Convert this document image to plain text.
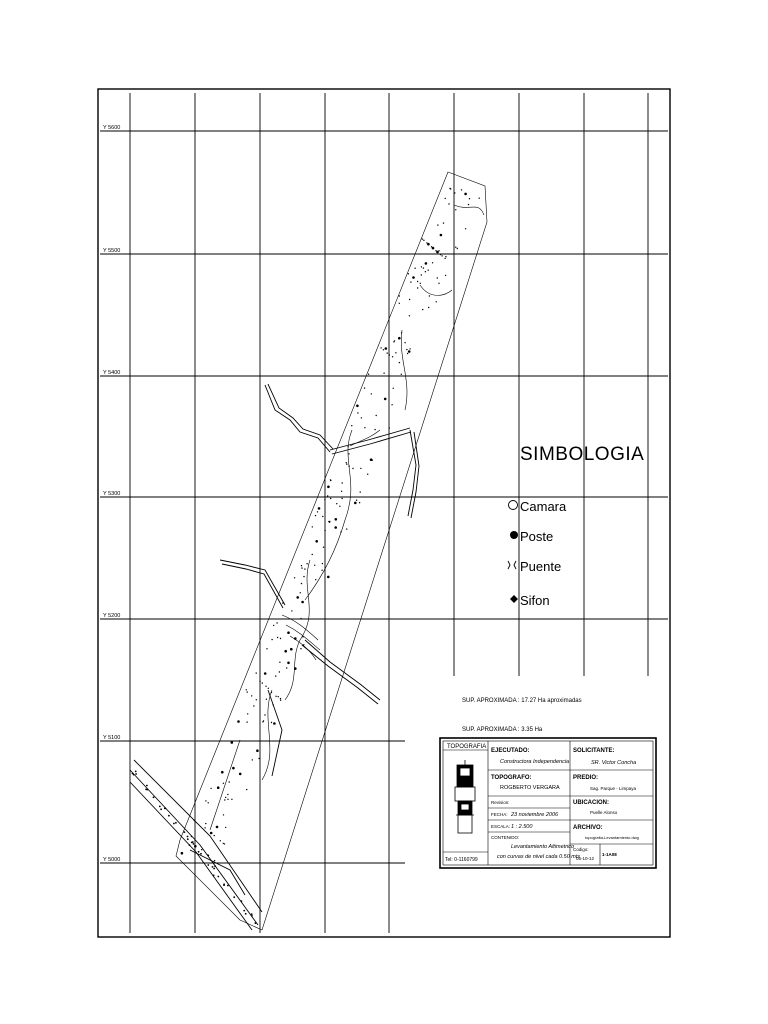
Y 5600
Y 5500
Y 5400
Y 5300
Y 5200
Y 5100
Y 5000
SIMBOLOGIA
Camara
Poste
Puente
Sifon
SUP. APROXIMADA : 17.27 Ha aproximadas
SUP. APROXIMADA : 3.35 Ha
TOPOGRAFIA
Tel: 0-1160799
EJECUTADO:
Constructora Independencia
TOPOGRAFO:
ROGBERTO VERGARA
Revision:
FECHA: 23 noviembre 2006
ESCALA: 1 : 2.500
CONTENIDO:
Levantamiento Altimetrico
con curvas de nivel cada 0.50 mts
SOLICITANTE:
SR. Victor Concha
PREDIO:
Sag. Parque - Limpaya
UBICACION:
Puelle Alonso
ARCHIVO:
topografia-Levantamiento.dwg
Codigo:
05-10-12
1-1A08
